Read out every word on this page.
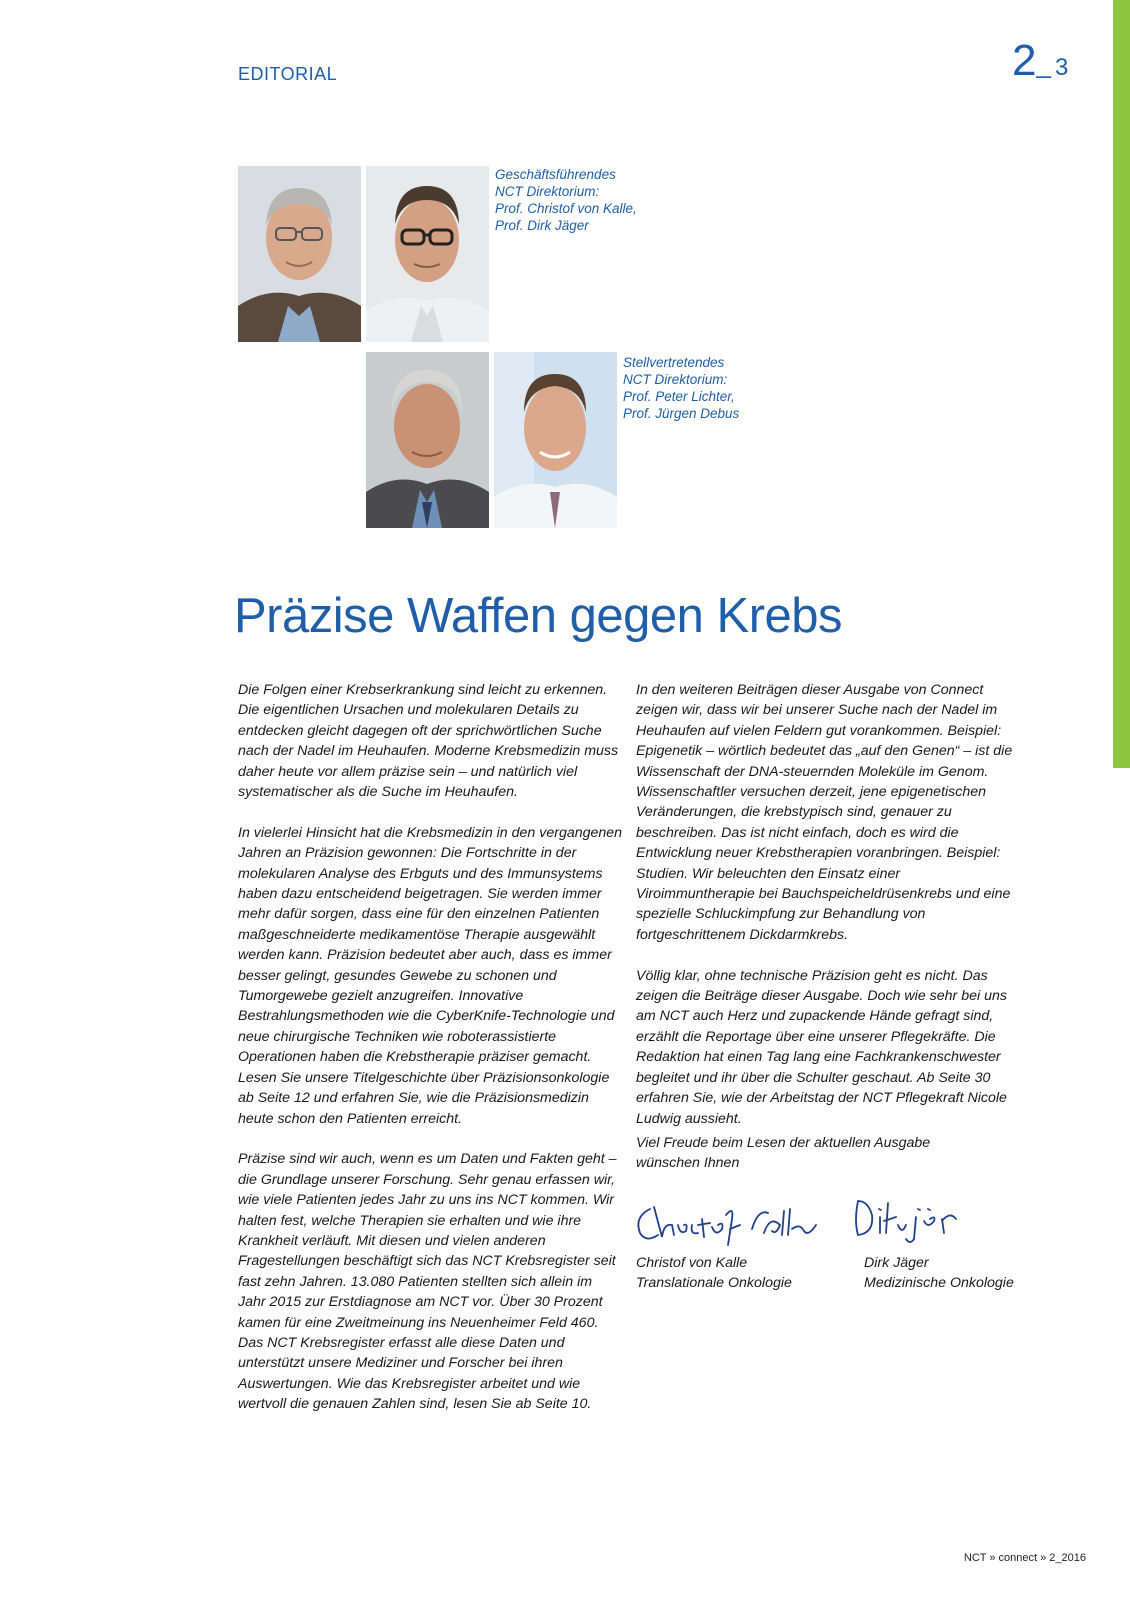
EDITORIAL	2_ 3
Geschäftsführendes
NCT Direktorium:
Prof. Christof von Kalle,
Prof. Dirk Jäger
Stellvertretendes
NCT Direktorium:
Prof. Peter Lichter,
Prof. Jürgen Debus
Präzise Waffen gegen Krebs

Die Folgen einer Krebserkrankung sind leicht zu erkennen. Die eigentlichen Ursachen und molekularen Details zu entdecken gleicht dagegen oft der sprichwörtlichen Suche nach der Nadel im Heuhaufen. Moderne Krebsmedizin muss daher heute vor allem präzise sein – und natürlich viel systematischer als die Suche im Heuhaufen.

In vielerlei Hinsicht hat die Krebsmedizin in den vergangenen Jahren an Präzision gewonnen: Die Fortschritte in der molekularen Analyse des Erbguts und des Immunsystems haben dazu entscheidend beigetragen. Sie werden immer mehr dafür sorgen, dass eine für den einzelnen Patienten maßgeschneiderte medikamentöse Therapie ausgewählt werden kann. Präzision bedeutet aber auch, dass es immer besser gelingt, gesundes Gewebe zu schonen und Tumorgewebe gezielt anzugreifen. Innovative Bestrahlungsmethoden wie die CyberKnife-Technologie und neue chirurgische Techniken wie roboterassistierte Operationen haben die Krebstherapie präziser gemacht. Lesen Sie unsere Titelgeschichte über Präzisionsonkologie ab Seite 12 und erfahren Sie, wie die Präzisionsmedizin heute schon den Patienten erreicht.

Präzise sind wir auch, wenn es um Daten und Fakten geht – die Grundlage unserer Forschung. Sehr genau erfassen wir, wie viele Patienten jedes Jahr zu uns ins NCT kommen. Wir halten fest, welche Therapien sie erhalten und wie ihre Krankheit verläuft. Mit diesen und vielen anderen Fragestellungen beschäftigt sich das NCT Krebsregister seit fast zehn Jahren. 13.080 Patienten stellten sich allein im Jahr 2015 zur Erstdiagnose am NCT vor. Über 30 Prozent kamen für eine Zweitmeinung ins Neuenheimer Feld 460. Das NCT Krebsregister erfasst alle diese Daten und unterstützt unsere Mediziner und Forscher bei ihren Auswertungen. Wie das Krebsregister arbeitet und wie wertvoll die genauen Zahlen sind, lesen Sie ab Seite 10.

In den weiteren Beiträgen dieser Ausgabe von Connect zeigen wir, dass wir bei unserer Suche nach der Nadel im Heuhaufen auf vielen Feldern gut vorankommen. Beispiel: Epigenetik – wörtlich bedeutet das „auf den Genen“ – ist die Wissenschaft der DNA-steuernden Moleküle im Genom. Wissenschaftler versuchen derzeit, jene epigenetischen Veränderungen, die krebstypisch sind, genauer zu beschreiben. Das ist nicht einfach, doch es wird die Entwicklung neuer Krebstherapien voranbringen. Beispiel: Studien. Wir beleuchten den Einsatz einer Viroimmuntherapie bei Bauchspeicheldrüsenkrebs und eine spezielle Schluckimpfung zur Behandlung von fortgeschrittenem Dickdarmkrebs.

Völlig klar, ohne technische Präzision geht es nicht. Das zeigen die Beiträge dieser Ausgabe. Doch wie sehr bei uns am NCT auch Herz und zupackende Hände gefragt sind, erzählt die Reportage über eine unserer Pflegekräfte. Die Redaktion hat einen Tag lang eine Fachkrankenschwester begleitet und ihr über die Schulter geschaut. Ab Seite 30 erfahren Sie, wie der Arbeitstag der NCT Pflegekraft Nicole Ludwig aussieht.

Viel Freude beim Lesen der aktuellen Ausgabe
wünschen Ihnen
Christof von Kalle
Translationale Onkologie
Dirk Jäger
Medizinische Onkologie
NCT » connect » 2_2016
